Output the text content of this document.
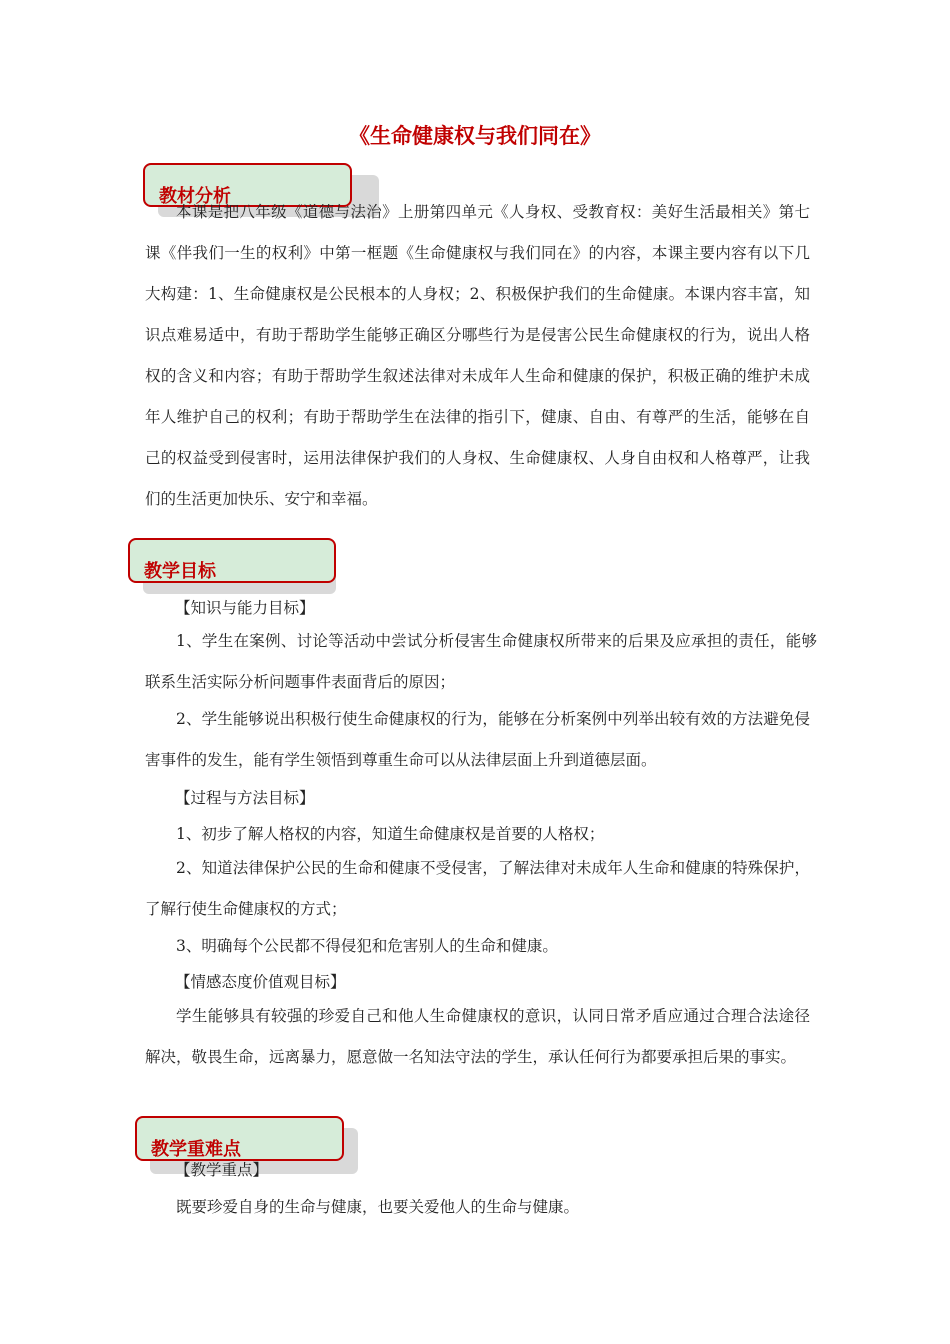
《生命健康权与我们同在》
教材分析

本课是把八年级《道德与法治》上册第四单元《人身权、受教育权：美好生活最相关》第七课《伴我们一生的权利》中第一框题《生命健康权与我们同在》的内容，本课主要内容有以下几大构建：1、生命健康权是公民根本的人身权；2、积极保护我们的生命健康。本课内容丰富，知识点难易适中，有助于帮助学生能够正确区分哪些行为是侵害公民生命健康权的行为，说出人格权的含义和内容；有助于帮助学生叙述法律对未成年人生命和健康的保护，积极正确的维护未成年人维护自己的权利；有助于帮助学生在法律的指引下，健康、自由、有尊严的生活，能够在自己的权益受到侵害时，运用法律保护我们的人身权、生命健康权、人身自由权和人格尊严，让我们的生活更加快乐、安宁和幸福。

教学目标
【知识与能力目标】

1、学生在案例、讨论等活动中尝试分析侵害生命健康权所带来的后果及应承担的责任，能够联系生活实际分析问题事件表面背后的原因；

2、学生能够说出积极行使生命健康权的行为，能够在分析案例中列举出较有效的方法避免侵害事件的发生，能有学生领悟到尊重生命可以从法律层面上升到道德层面。

【过程与方法目标】
1、初步了解人格权的内容，知道生命健康权是首要的人格权；

2、知道法律保护公民的生命和健康不受侵害，了解法律对未成年人生命和健康的特殊保护，了解行使生命健康权的方式；

3、明确每个公民都不得侵犯和危害别人的生命和健康。
【情感态度价值观目标】

学生能够具有较强的珍爱自己和他人生命健康权的意识，认同日常矛盾应通过合理合法途径解决，敬畏生命，远离暴力，愿意做一名知法守法的学生，承认任何行为都要承担后果的事实。

教学重难点
【教学重点】
既要珍爱自身的生命与健康，也要关爱他人的生命与健康。
